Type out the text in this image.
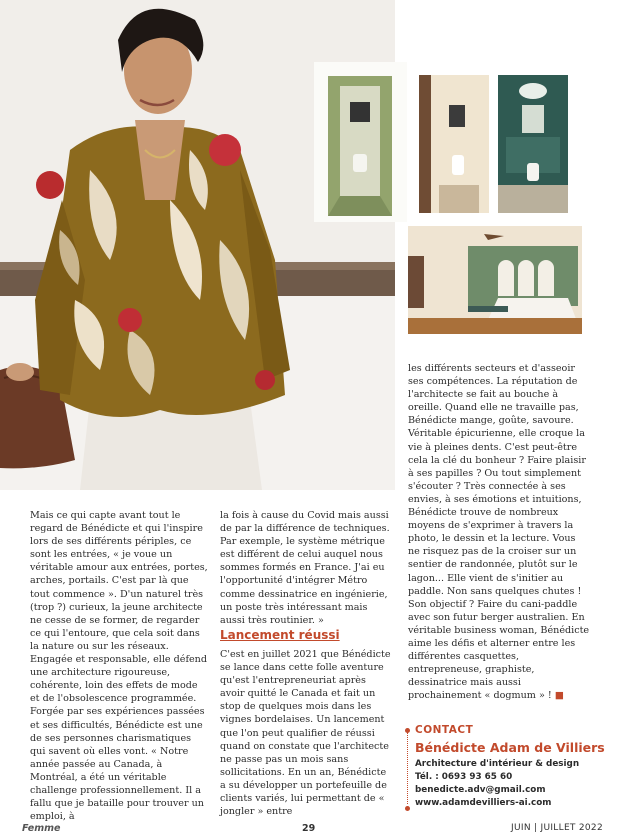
Mais ce qui capte avant tout le regard de Bénédicte et qui l'inspire lors de ses différents périples, ce sont les entrées, « je voue un véritable amour aux entrées, portes, arches, portails. C'est par là que tout commence ». D'un naturel très (trop ?) curieux, la jeune architecte ne cesse de se former, de regarder ce qui l'entoure, que cela soit dans la nature ou sur les réseaux. Engagée et responsable, elle défend une architecture rigoureuse, cohérente, loin des effets de mode et de l'obsolescence programmée. Forgée par ses expériences passées et ses difficultés, Bénédicte est une de ses personnes charismatiques qui savent où elles vont. « Notre année passée au Canada, à Montréal, a été un véritable challenge professionnellement. Il a fallu que je bataille pour trouver un emploi, à

la fois à cause du Covid mais aussi de par la différence de techniques. Par exemple, le système métrique est différent de celui auquel nous sommes formés en France. J'ai eu l'opportunité d'intégrer Métro comme dessinatrice en ingénierie, un poste très intéressant mais aussi très routinier. »

Lancement réussi

C'est en juillet 2021 que Bénédicte se lance dans cette folle aventure qu'est l'entrepreneuriat après avoir quitté le Canada et fait un stop de quelques mois dans les vignes bordelaises. Un lancement que l'on peut qualifier de réussi quand on constate que l'architecte ne passe pas un mois sans sollicitations. En un an, Bénédicte a su développer un portefeuille de clients variés, lui permettant de « jongler » entre

les différents secteurs et d'asseoir ses compétences. La réputation de l'architecte se fait au bouche à oreille. Quand elle ne travaille pas, Bénédicte mange, goûte, savoure. Véritable épicurienne, elle croque la vie à pleines dents. C'est peut-être cela la clé du bonheur ? Faire plaisir à ses papilles ? Ou tout simplement s'écouter ? Très connectée à ses envies, à ses émotions et intuitions, Bénédicte trouve de nombreux moyens de s'exprimer à travers la photo, le dessin et la lecture. Vous ne risquez pas de la croiser sur un sentier de randonnée, plutôt sur le lagon... Elle vient de s'initier au paddle. Non sans quelques chutes ! Son objectif ? Faire du cani-paddle avec son futur berger australien. En véritable business woman, Bénédicte aime les défis et alterner entre les différentes casquettes, entrepreneuse, graphiste, dessinatrice mais aussi prochainement « dogmum » ! ■

CONTACT
Bénédicte Adam de Villiers
Architecture d'intérieur & design
Tél. : 0693 93 65 60
benedicte.adv@gmail.com
www.adamdevilliers-ai.com
Femme	29	JUIN | JUILLET 2022
